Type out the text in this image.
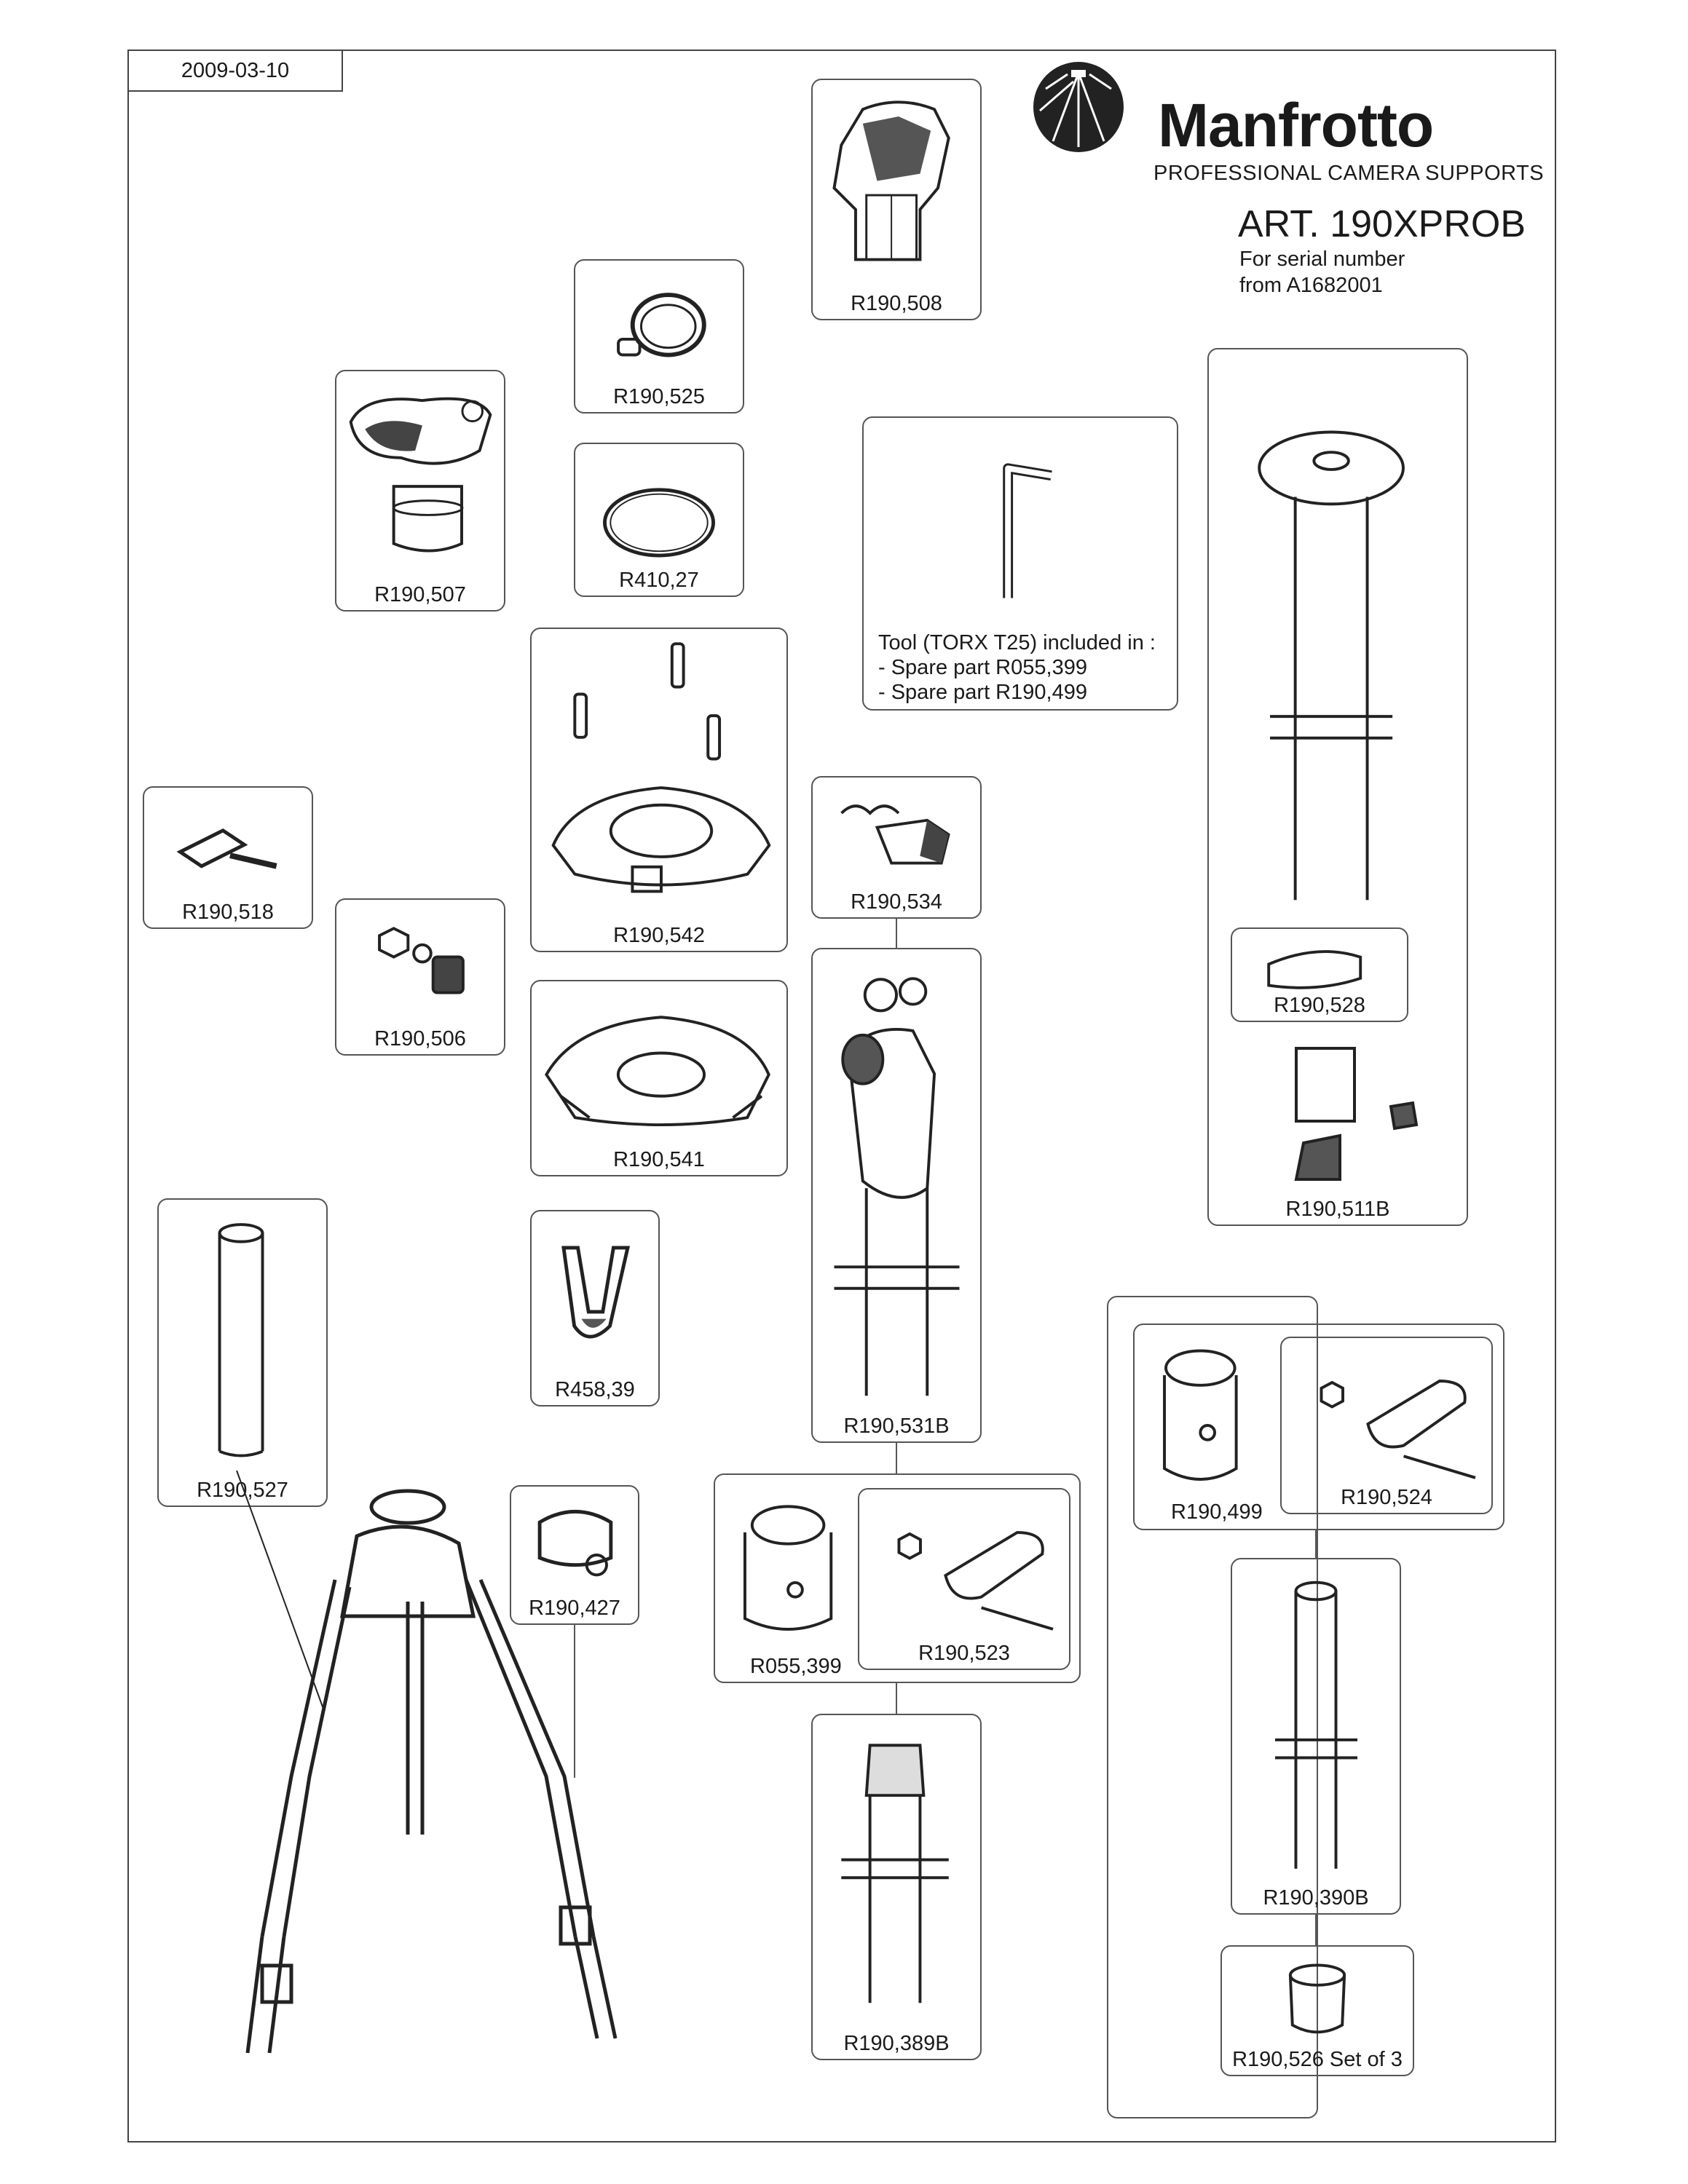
2009-03-10
Manfrotto
PROFESSIONAL CAMERA SUPPORTS
ART. 190XPROB
For serial number
from A1682001
R190,508
R190,525
R190,507
R410,27
Tool (TORX T25) included in :
- Spare part R055,399
- Spare part R190,499
R190,542
R190,518
R190,506
R190,541
R190,534
R190,531B
R190,527
R458,39
R190,427
R055,399
R190,523
R190,389B
R190,528
R190,511B
R190,499
R190,524
R190,390B
R190,526 Set of 3
